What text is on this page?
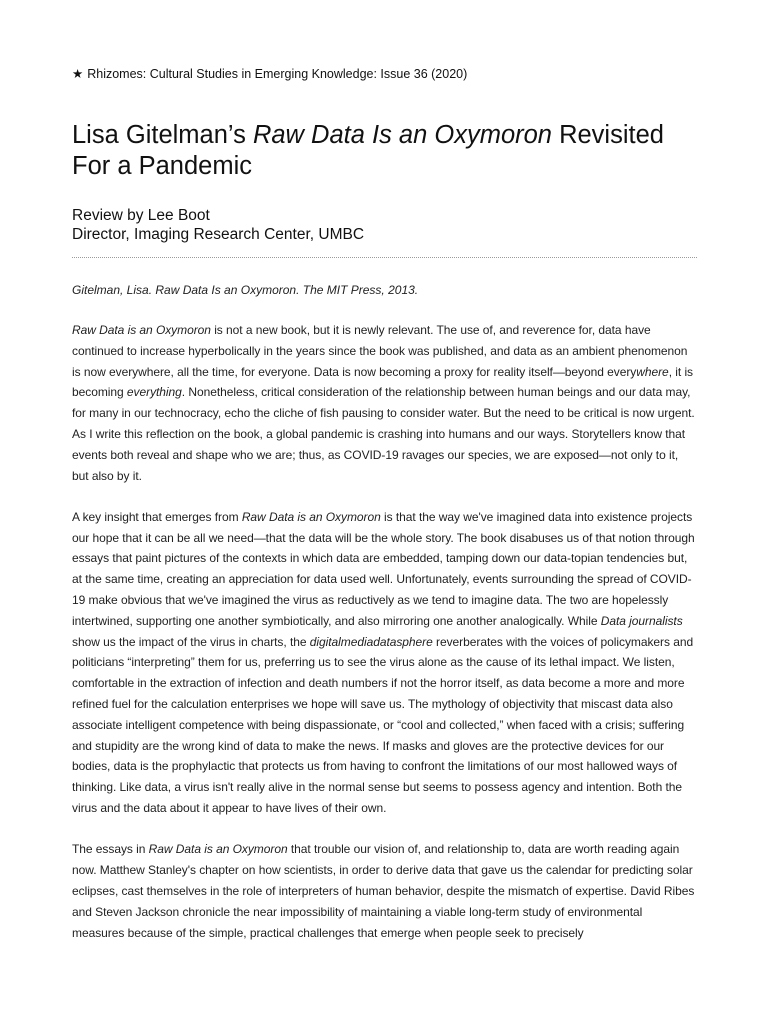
★ Rhizomes: Cultural Studies in Emerging Knowledge: Issue 36 (2020)
Lisa Gitelman’s Raw Data Is an Oxymoron Revisited
For a Pandemic
Review by Lee Boot
Director, Imaging Research Center, UMBC
Gitelman, Lisa. Raw Data Is an Oxymoron. The MIT Press, 2013.

Raw Data is an Oxymoron is not a new book, but it is newly relevant. The use of, and reverence for, data have continued to increase hyperbolically in the years since the book was published, and data as an ambient phenomenon is now everywhere, all the time, for everyone. Data is now becoming a proxy for reality itself—beyond everywhere, it is becoming everything. Nonetheless, critical consideration of the relationship between human beings and our data may, for many in our technocracy, echo the cliche of fish pausing to consider water. But the need to be critical is now urgent. As I write this reflection on the book, a global pandemic is crashing into humans and our ways. Storytellers know that events both reveal and shape who we are; thus, as COVID-19 ravages our species, we are exposed—not only to it, but also by it.

A key insight that emerges from Raw Data is an Oxymoron is that the way we've imagined data into existence projects our hope that it can be all we need—that the data will be the whole story. The book disabuses us of that notion through essays that paint pictures of the contexts in which data are embedded, tamping down our data-topian tendencies but, at the same time, creating an appreciation for data used well. Unfortunately, events surrounding the spread of COVID-19 make obvious that we've imagined the virus as reductively as we tend to imagine data. The two are hopelessly intertwined, supporting one another symbiotically, and also mirroring one another analogically. While Data journalists show us the impact of the virus in charts, the digitalmediadatasphere reverberates with the voices of policymakers and politicians “interpreting” them for us, preferring us to see the virus alone as the cause of its lethal impact. We listen, comfortable in the extraction of infection and death numbers if not the horror itself, as data become a more and more refined fuel for the calculation enterprises we hope will save us. The mythology of objectivity that miscast data also associate intelligent competence with being dispassionate, or “cool and collected,” when faced with a crisis; suffering and stupidity are the wrong kind of data to make the news. If masks and gloves are the protective devices for our bodies, data is the prophylactic that protects us from having to confront the limitations of our most hallowed ways of thinking. Like data, a virus isn't really alive in the normal sense but seems to possess agency and intention. Both the virus and the data about it appear to have lives of their own.

The essays in Raw Data is an Oxymoron that trouble our vision of, and relationship to, data are worth reading again now. Matthew Stanley's chapter on how scientists, in order to derive data that gave us the calendar for predicting solar eclipses, cast themselves in the role of interpreters of human behavior, despite the mismatch of expertise. David Ribes and Steven Jackson chronicle the near impossibility of maintaining a viable long-term study of environmental measures because of the simple, practical challenges that emerge when people seek to precisely
